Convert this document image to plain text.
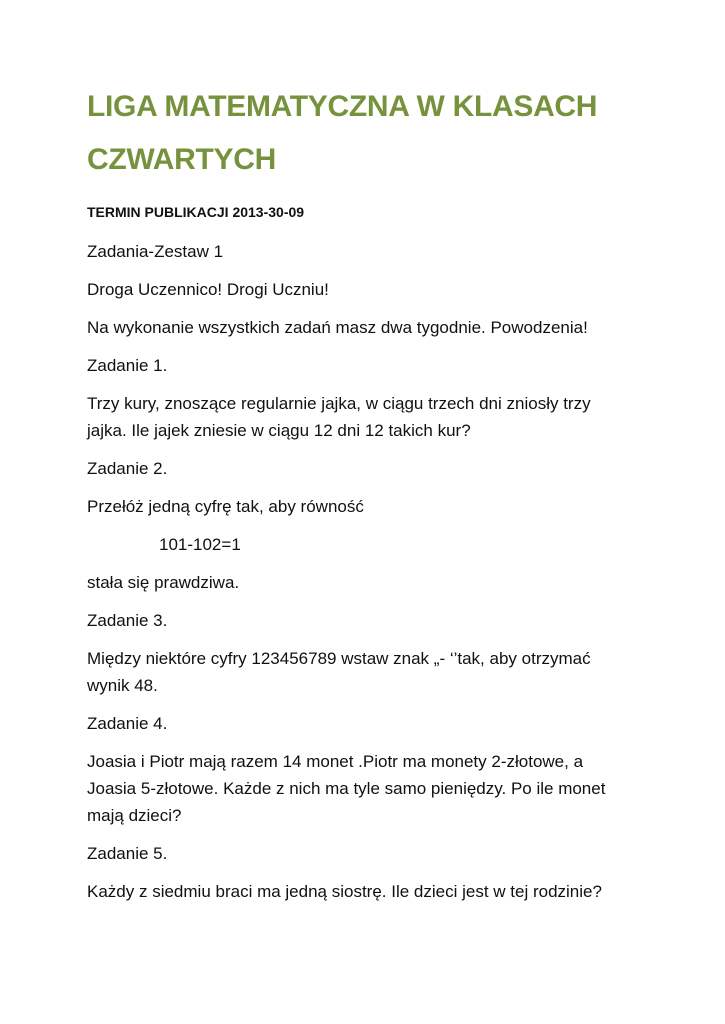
LIGA MATEMATYCZNA W KLASACH
CZWARTYCH

TERMIN PUBLIKACJI 2013-30-09

Zadania-Zestaw 1

Droga Uczennico! Drogi Uczniu!

Na wykonanie wszystkich zadań masz dwa tygodnie. Powodzenia!

Zadanie 1.

Trzy kury, znoszące regularnie jajka, w ciągu trzech dni zniosły trzy
jajka. Ile jajek zniesie w ciągu 12 dni 12 takich kur?

Zadanie 2.

Przełóż jedną cyfrę tak, aby równość

101-102=1

stała się prawdziwa.

Zadanie 3.

Między niektóre cyfry 123456789 wstaw znak „- ‘’tak, aby otrzymać
wynik 48.

Zadanie 4.

Joasia i Piotr mają razem 14 monet .Piotr ma monety 2-złotowe, a
Joasia 5-złotowe. Każde z nich ma tyle samo pieniędzy. Po ile monet
mają dzieci?

Zadanie 5.

Każdy z siedmiu braci ma jedną siostrę. Ile dzieci jest w tej rodzinie?
